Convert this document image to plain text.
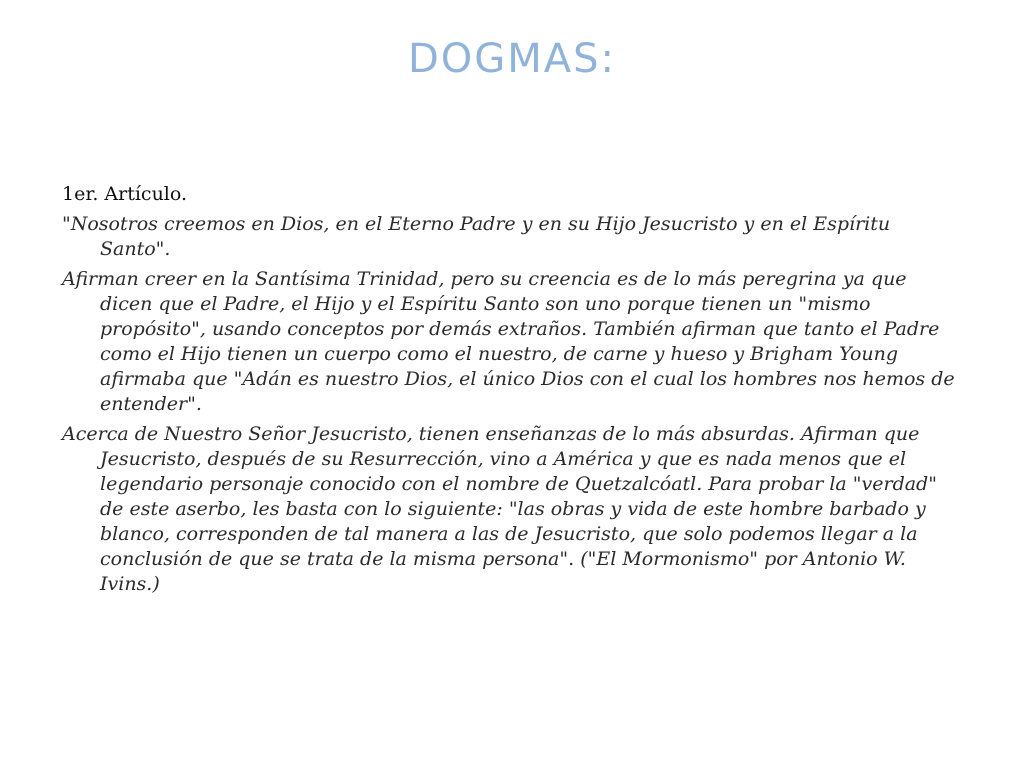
DOGMAS:
1er. Artículo.

"Nosotros creemos en Dios, en el Eterno Padre y en su Hijo Jesucristo y en el Espíritu Santo".

Afirman creer en la Santísima Trinidad, pero su creencia es de lo más peregrina ya que dicen que el Padre, el Hijo y el Espíritu Santo son uno porque tienen un "mismo propósito", usando conceptos por demás extraños. También afirman que tanto el Padre como el Hijo tienen un cuerpo como el nuestro, de carne y hueso y Brigham Young afirmaba que "Adán es nuestro Dios, el único Dios con el cual los hombres nos hemos de entender".

Acerca de Nuestro Señor Jesucristo, tienen enseñanzas de lo más absurdas. Afirman que Jesucristo, después de su Resurrección, vino a América y que es nada menos que el legendario personaje conocido con el nombre de Quetzalcóatl. Para probar la "verdad" de este aserbo, les basta con lo siguiente: "las obras y vida de este hombre barbado y blanco, corresponden de tal manera a las de Jesucristo, que solo podemos llegar a la conclusión de que se trata de la misma persona". ("El Mormonismo" por Antonio W. Ivins.)
